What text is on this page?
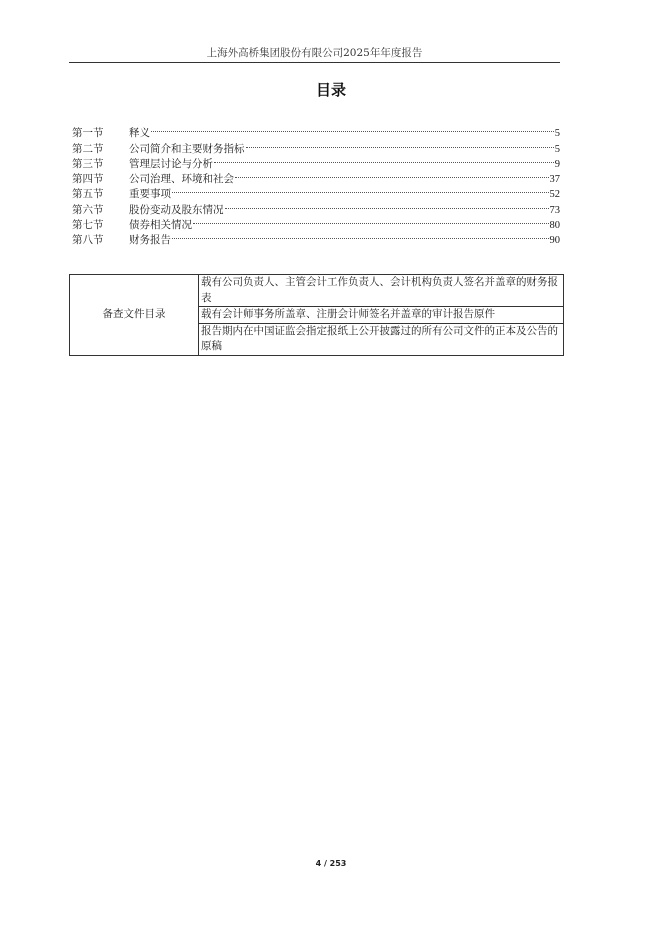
上海外高桥集团股份有限公司2025年年度报告
目录
第一节	释义	5
第二节	公司简介和主要财务指标	5
第三节	管理层讨论与分析	9
第四节	公司治理、环境和社会	37
第五节	重要事项	52
第六节	股份变动及股东情况	73
第七节	债券相关情况	80
第八节	财务报告	90
备查文件目录	载有公司负责人、主管会计工作负责人、会计机构负责人签名并盖章的财务报表
载有会计师事务所盖章、注册会计师签名并盖章的审计报告原件
报告期内在中国证监会指定报纸上公开披露过的所有公司文件的正本及公告的原稿
4 / 253
